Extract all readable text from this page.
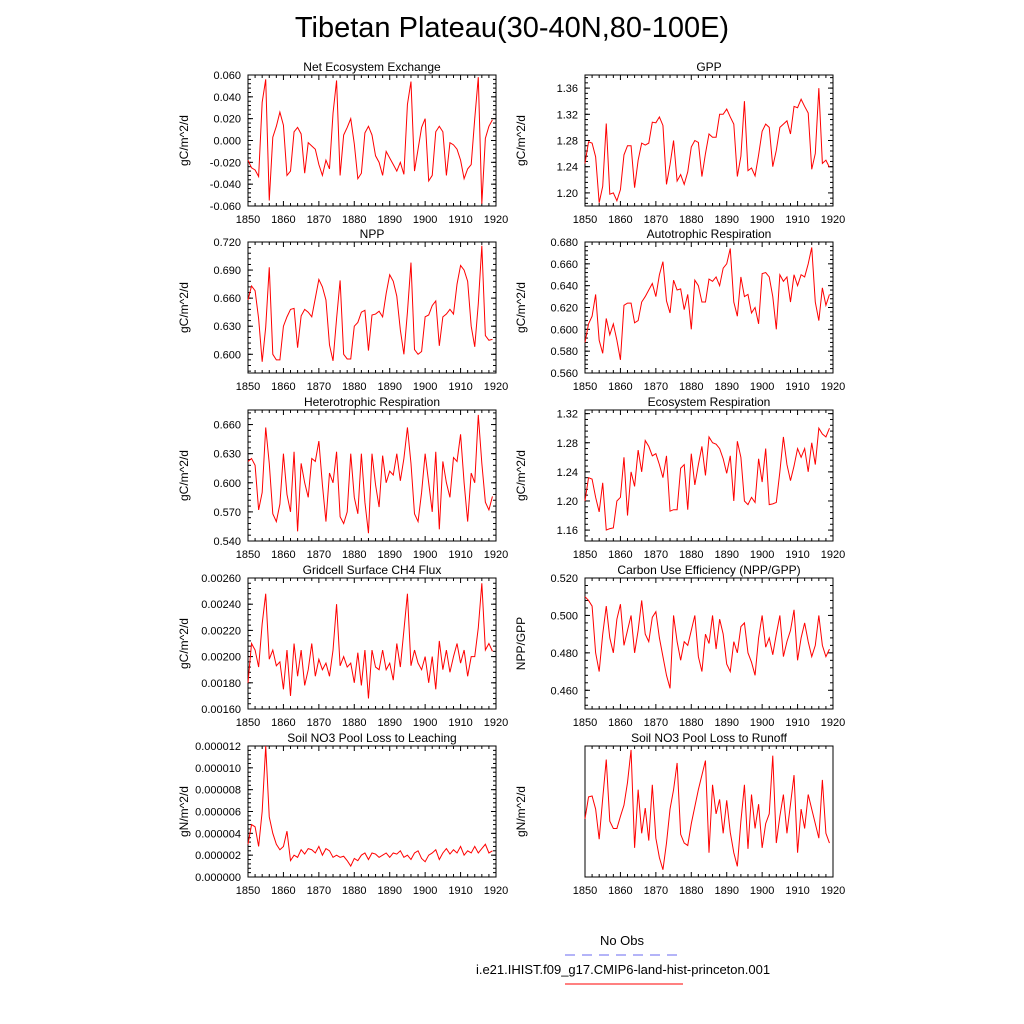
Tibetan Plateau(30-40N,80-100E)
Net Ecosystem Exchange
1850 1860 1870 1880 1890 1900 1910 1920
-0.060
-0.040
-0.020
0.000
0.020
0.040
0.060
gC/m^2/d
GPP
1850 1860 1870 1880 1890 1900 1910 1920
1.20
1.24
1.28
1.32
1.36
gC/m^2/d
NPP
1850 1860 1870 1880 1890 1900 1910 1920
0.600
0.630
0.660
0.690
0.720
gC/m^2/d
Autotrophic Respiration
1850 1860 1870 1880 1890 1900 1910 1920
0.560
0.580
0.600
0.620
0.640
0.660
0.680
gC/m^2/d
Heterotrophic Respiration
1850 1860 1870 1880 1890 1900 1910 1920
0.540
0.570
0.600
0.630
0.660
gC/m^2/d
Ecosystem Respiration
1850 1860 1870 1880 1890 1900 1910 1920
1.16
1.20
1.24
1.28
1.32
gC/m^2/d
Gridcell Surface CH4 Flux
1850 1860 1870 1880 1890 1900 1910 1920
0.00160
0.00180
0.00200
0.00220
0.00240
0.00260
gC/m^2/d
Carbon Use Efficiency (NPP/GPP)
1850 1860 1870 1880 1890 1900 1910 1920
0.460
0.480
0.500
0.520
NPP/GPP
Soil NO3 Pool Loss to Leaching
1850 1860 1870 1880 1890 1900 1910 1920
0.000000
0.000002
0.000004
0.000006
0.000008
0.000010
0.000012
gN/m^2/d
Soil NO3 Pool Loss to Runoff
1850 1860 1870 1880 1890 1900 1910 1920
gN/m^2/d
No Obs
i.e21.IHIST.f09_g17.CMIP6-land-hist-princeton.001
